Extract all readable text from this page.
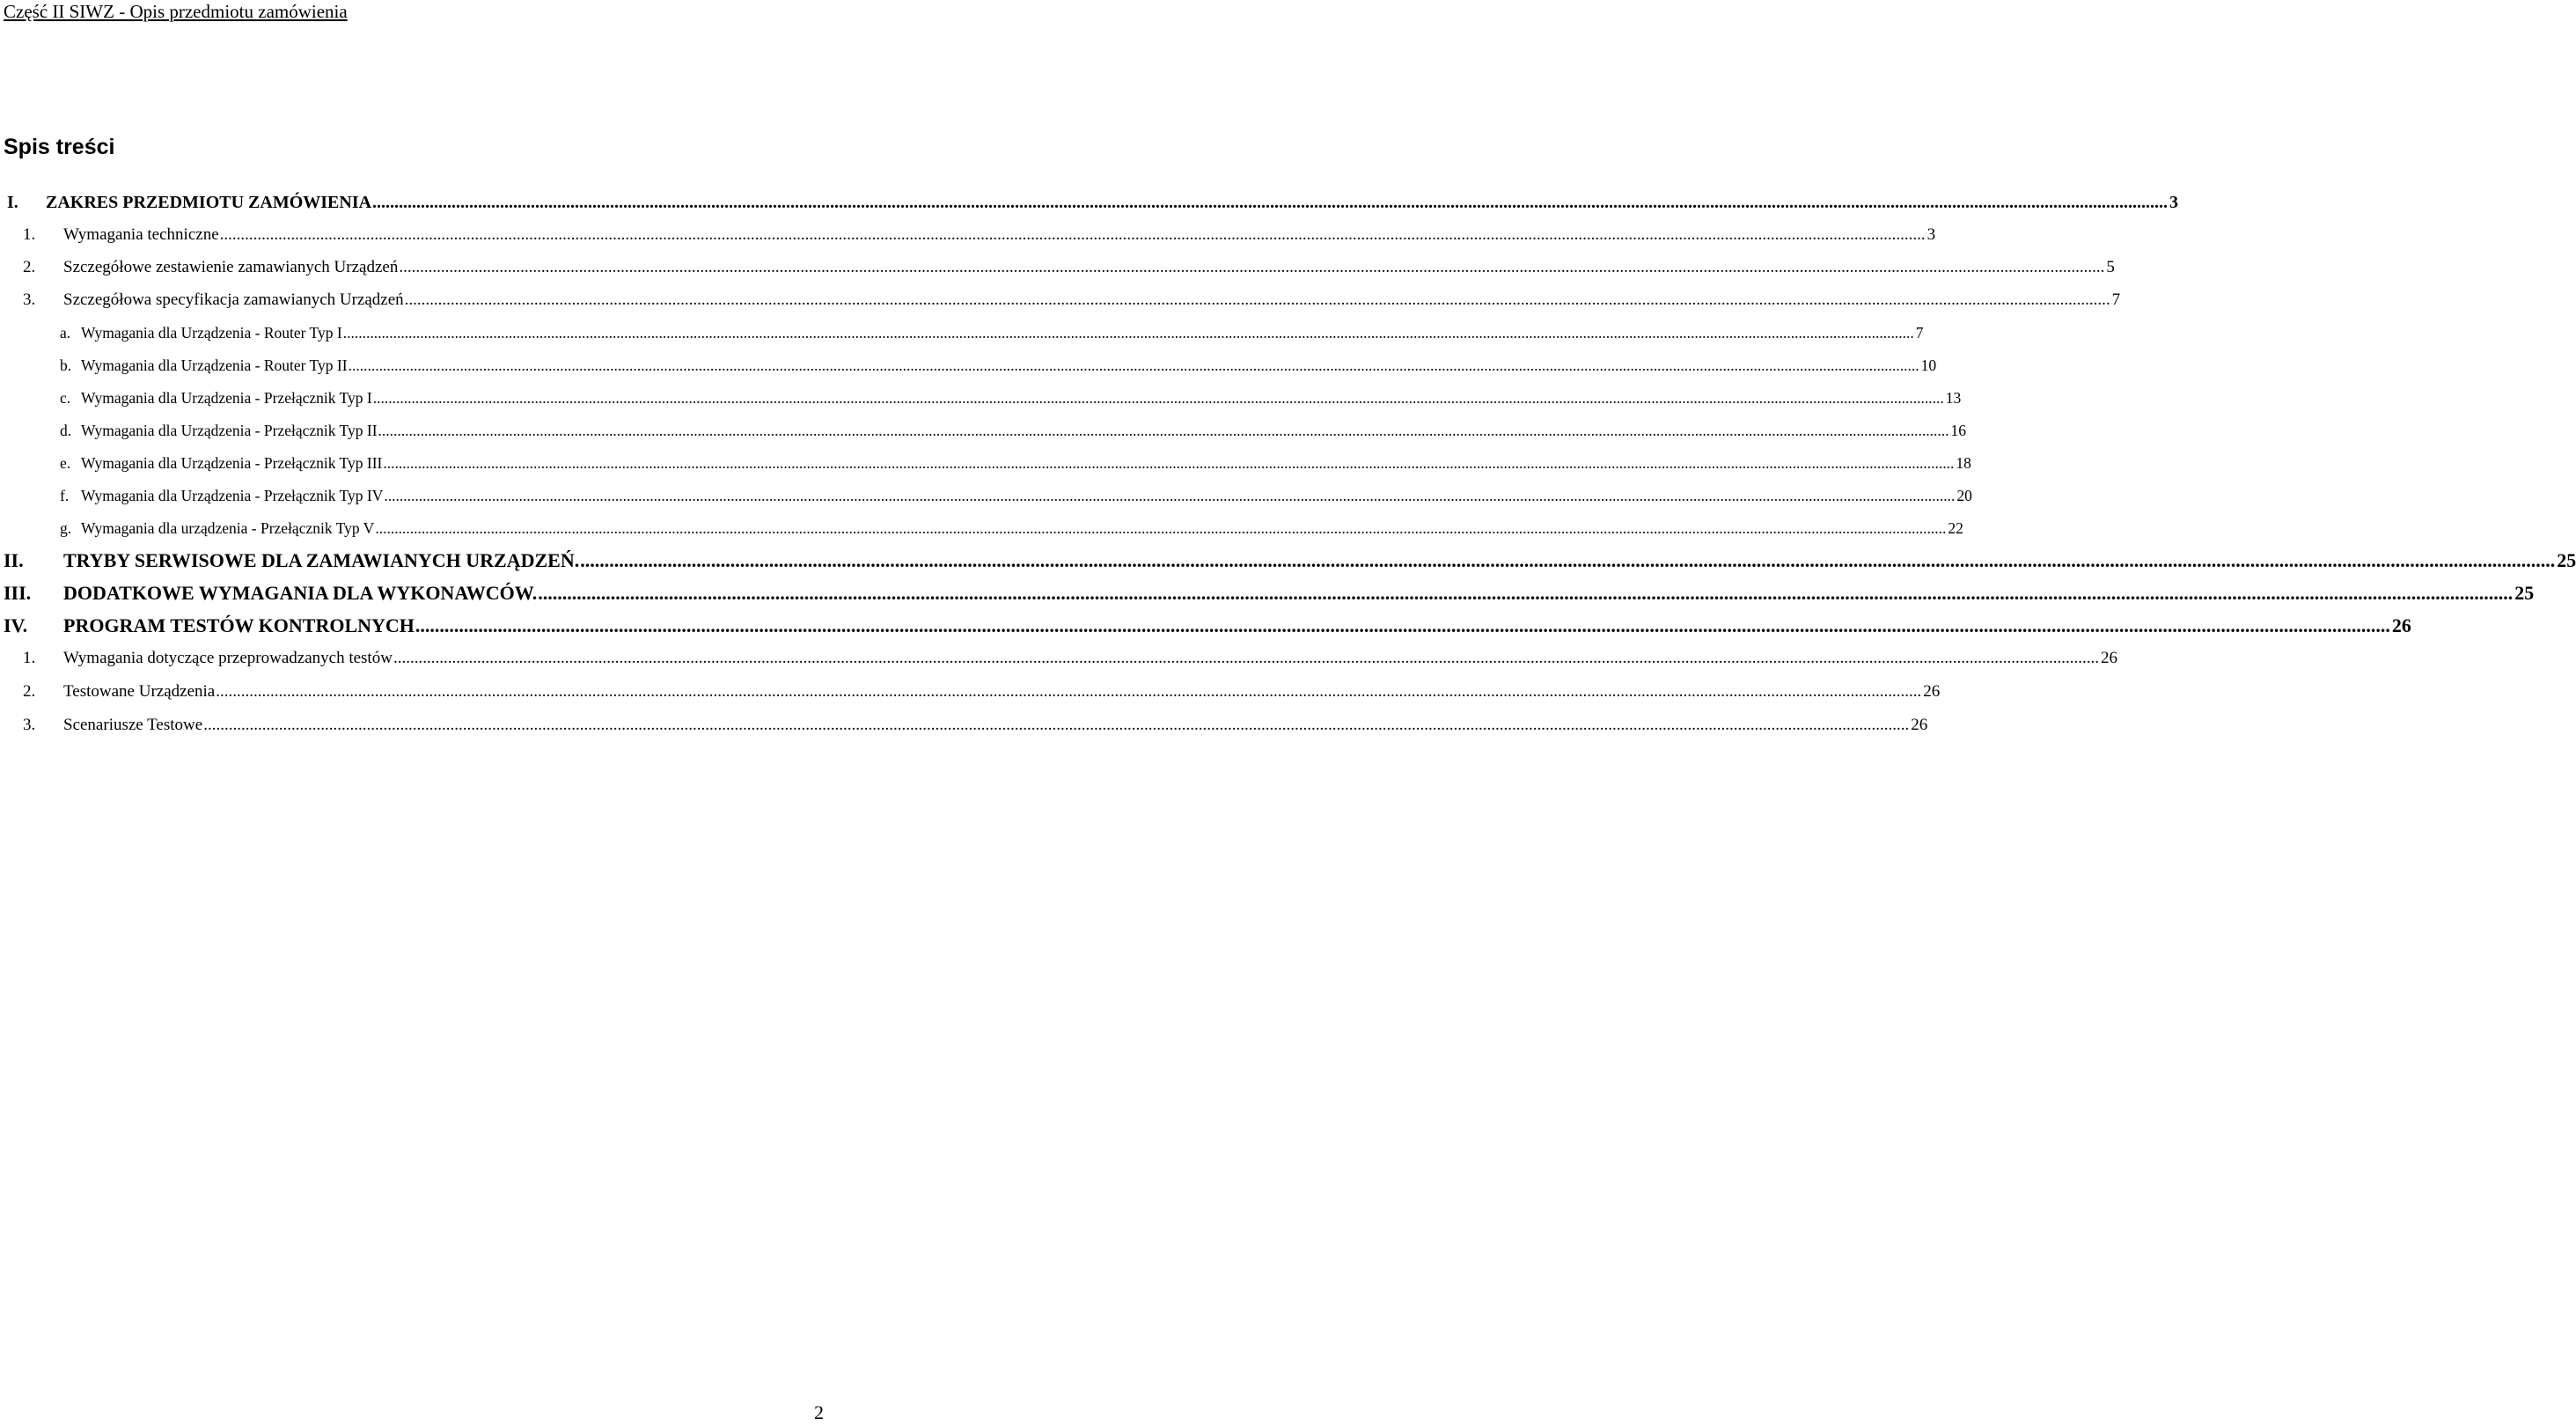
Część II SIWZ - Opis przedmiotu zamówienia
Spis treści
I.	ZAKRES PRZEDMIOTU ZAMÓWIENIA ........................................................................................................................................................................................................................................................................................................................................................................................................................ 3
1.	Wymagania techniczne ........................................................................................................................................................................................................................................................................................................................................................................................................................ 3
2.	Szczegółowe zestawienie zamawianych Urządzeń ........................................................................................................................................................................................................................................................................................................................................................................................................................ 5
3.	Szczegółowa specyfikacja zamawianych Urządzeń ........................................................................................................................................................................................................................................................................................................................................................................................................................ 7
a. Wymagania dla Urządzenia - Router Typ I ........................................................................................................................................................................................................................................................................................................................................................................................................................ 7
b. Wymagania dla Urządzenia - Router Typ II ........................................................................................................................................................................................................................................................................................................................................................................................................................ 10
c. Wymagania dla Urządzenia - Przełącznik Typ I ........................................................................................................................................................................................................................................................................................................................................................................................................................ 13
d. Wymagania dla Urządzenia - Przełącznik Typ II ........................................................................................................................................................................................................................................................................................................................................................................................................................ 16
e. Wymagania dla Urządzenia - Przełącznik Typ III ........................................................................................................................................................................................................................................................................................................................................................................................................................ 18
f. Wymagania dla Urządzenia - Przełącznik Typ IV ........................................................................................................................................................................................................................................................................................................................................................................................................................ 20
g. Wymagania dla urządzenia - Przełącznik Typ V ........................................................................................................................................................................................................................................................................................................................................................................................................................ 22
II.	TRYBY SERWISOWE DLA ZAMAWIANYCH URZĄDZEŃ. ........................................................................................................................................................................................................................................................................................................................................................................................................................ 25
III.	DODATKOWE WYMAGANIA DLA WYKONAWCÓW. ........................................................................................................................................................................................................................................................................................................................................................................................................................ 25
IV.	PROGRAM TESTÓW KONTROLNYCH ........................................................................................................................................................................................................................................................................................................................................................................................................................ 26
1.	Wymagania dotyczące przeprowadzanych testów ........................................................................................................................................................................................................................................................................................................................................................................................................................ 26
2.	Testowane Urządzenia ........................................................................................................................................................................................................................................................................................................................................................................................................................ 26
3.	Scenariusze Testowe ........................................................................................................................................................................................................................................................................................................................................................................................................................ 26
2
